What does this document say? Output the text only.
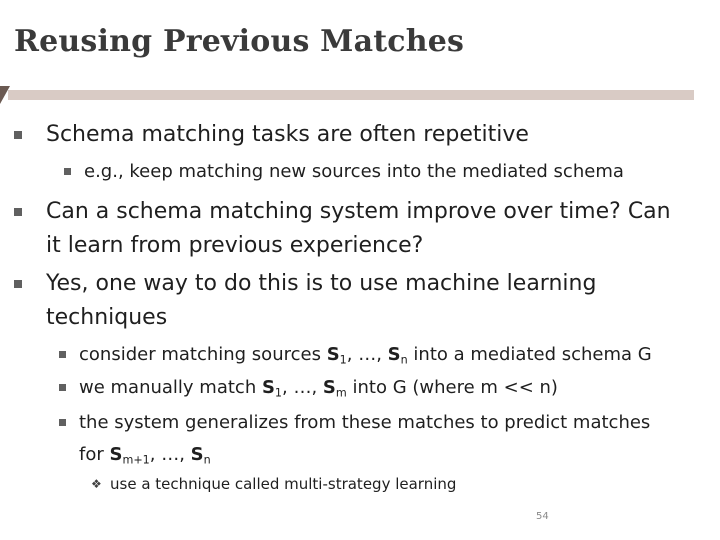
Reusing Previous Matches
Schema matching tasks are often repetitive
e.g., keep matching new sources into the mediated schema
Can a schema matching system improve over time? Can
it learn from previous experience?
Yes, one way to do this is to use machine learning
techniques
consider matching sources $S_1$, …, $S_n$ into a mediated schema G
we manually match $S_1$, …, $S_m$ into G (where m << n)
the system generalizes from these matches to predict matches
for $S_{m+1}$, …, $S_n$
❖ use a technique called multi-strategy learning
54
